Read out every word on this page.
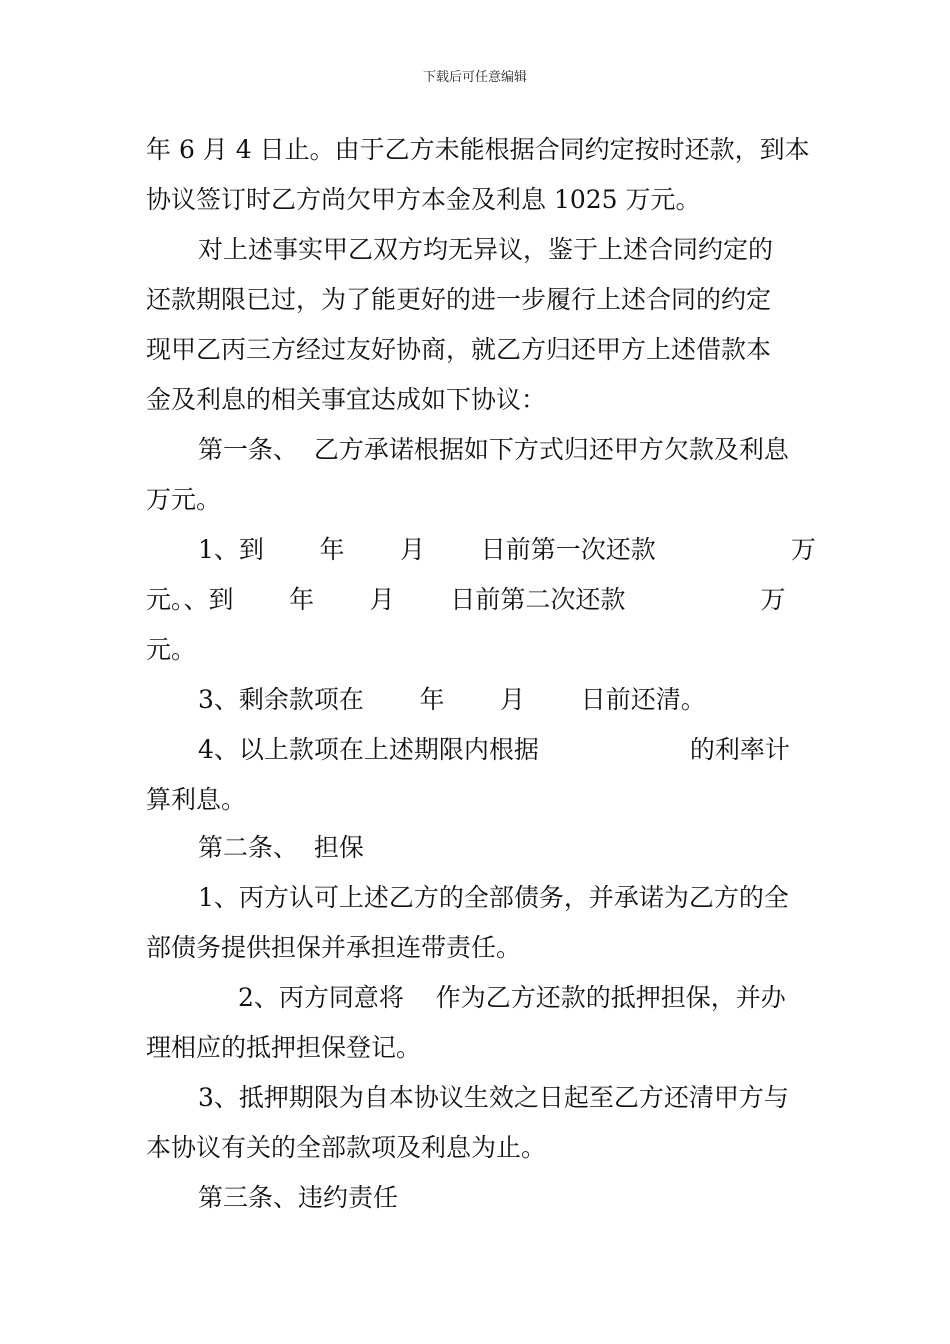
下载后可任意编辑
年 6 月 4 日止。由于乙方未能根据合同约定按时还款，到本
协议签订时乙方尚欠甲方本金及利息 1025 万元。
对上述事实甲乙双方均无异议，鉴于上述合同约定的
还款期限已过，为了能更好的进一步履行上述合同的约定
现甲乙丙三方经过友好协商，就乙方归还甲方上述借款本
金及利息的相关事宜达成如下协议：
第一条、  乙方承诺根据如下方式归还甲方欠款及利息
万元。
1、到       年       月       日前第一次还款                 万
元。、到       年       月       日前第二次还款                 万
元。
3、剩余款项在       年       月       日前还清。
4、以上款项在上述期限内根据                   的利率计
算利息。
第二条、  担保
1、丙方认可上述乙方的全部债务，并承诺为乙方的全
部债务提供担保并承担连带责任。
2、丙方同意将    作为乙方还款的抵押担保，并办
理相应的抵押担保登记。
3、抵押期限为自本协议生效之日起至乙方还清甲方与
本协议有关的全部款项及利息为止。
第三条、违约责任
